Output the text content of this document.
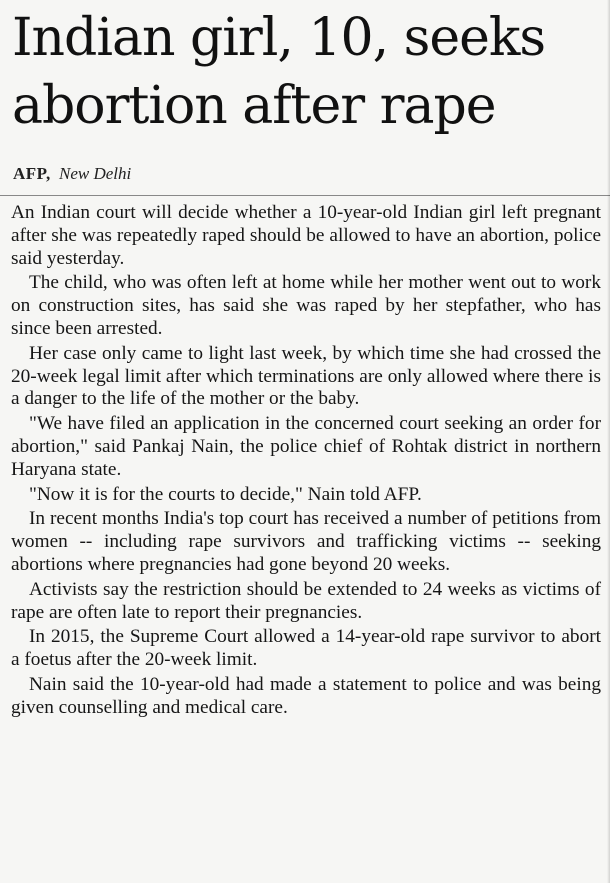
Indian girl, 10, seeks abortion after rape
AFP, New Delhi

An Indian court will decide whether a 10-year-old Indian girl left pregnant after she was repeatedly raped should be allowed to have an abortion, police said yesterday.

The child, who was often left at home while her mother went out to work on construction sites, has said she was raped by her stepfather, who has since been arrested.

Her case only came to light last week, by which time she had crossed the 20-week legal limit after which terminations are only allowed where there is a danger to the life of the mother or the baby.

"We have filed an application in the concerned court seeking an order for abortion," said Pankaj Nain, the police chief of Rohtak district in northern Haryana state.

"Now it is for the courts to decide," Nain told AFP.

In recent months India's top court has received a number of petitions from women -- including rape survivors and trafficking victims -- seeking abortions where pregnancies had gone beyond 20 weeks.

Activists say the restriction should be extended to 24 weeks as victims of rape are often late to report their pregnancies.

In 2015, the Supreme Court allowed a 14-year-old rape survivor to abort a foetus after the 20-week limit.

Nain said the 10-year-old had made a statement to police and was being given counselling and medical care.
